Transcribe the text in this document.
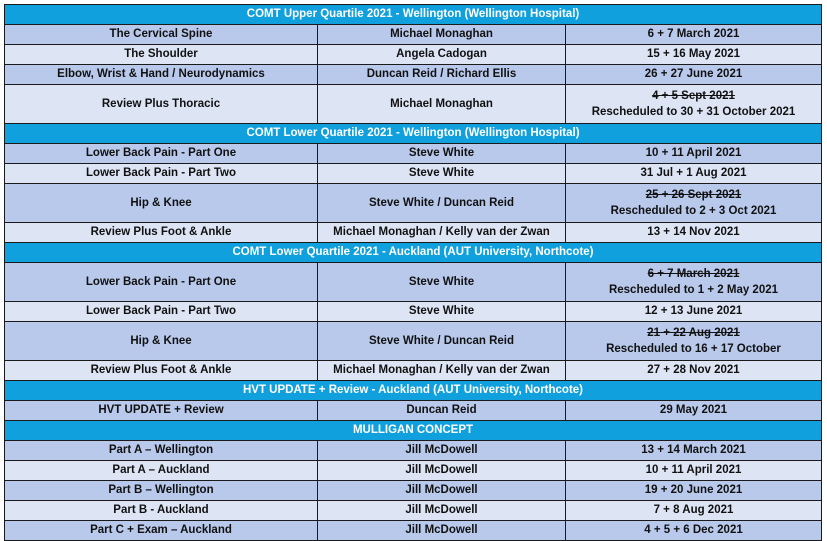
COMT Upper Quartile 2021 - Wellington (Wellington Hospital)		
The Cervical Spine	Michael Monaghan	6 + 7 March 2021
The Shoulder	Angela Cadogan	15 + 16 May 2021
Elbow, Wrist & Hand / Neurodynamics	Duncan Reid / Richard Ellis	26 + 27 June 2021
Review Plus Thoracic	Michael Monaghan	4 + 5 Sept 2021
Rescheduled to 30 + 31 October 2021

COMT Lower Quartile 2021 - Wellington (Wellington Hospital)		
Lower Back Pain - Part One	Steve White	10 + 11 April 2021
Lower Back Pain - Part Two	Steve White	31 Jul + 1 Aug 2021
Hip & Knee	Steve White / Duncan Reid	25 + 26 Sept 2021
Rescheduled to 2 + 3 Oct 2021

Review Plus Foot & Ankle	Michael Monaghan / Kelly van der Zwan	13 + 14 Nov 2021
COMT Lower Quartile 2021 - Auckland (AUT University, Northcote)		
Lower Back Pain - Part One	Steve White	6 + 7 March 2021
Rescheduled to 1 + 2 May 2021

Lower Back Pain - Part Two	Steve White	12 + 13 June 2021
Hip & Knee	Steve White / Duncan Reid	21 + 22 Aug 2021
Rescheduled to 16 + 17 October

Review Plus Foot & Ankle	Michael Monaghan / Kelly van der Zwan	27 + 28 Nov 2021
HVT UPDATE + Review - Auckland (AUT University, Northcote)		
HVT UPDATE + Review	Duncan Reid	29 May 2021
MULLIGAN CONCEPT		
Part A – Wellington	Jill McDowell	13 + 14 March 2021
Part A – Auckland	Jill McDowell	10 + 11 April 2021
Part B – Wellington	Jill McDowell	19 + 20 June 2021
Part B - Auckland	Jill McDowell	7 + 8 Aug 2021
Part C + Exam – Auckland	Jill McDowell	4 + 5 + 6 Dec 2021
